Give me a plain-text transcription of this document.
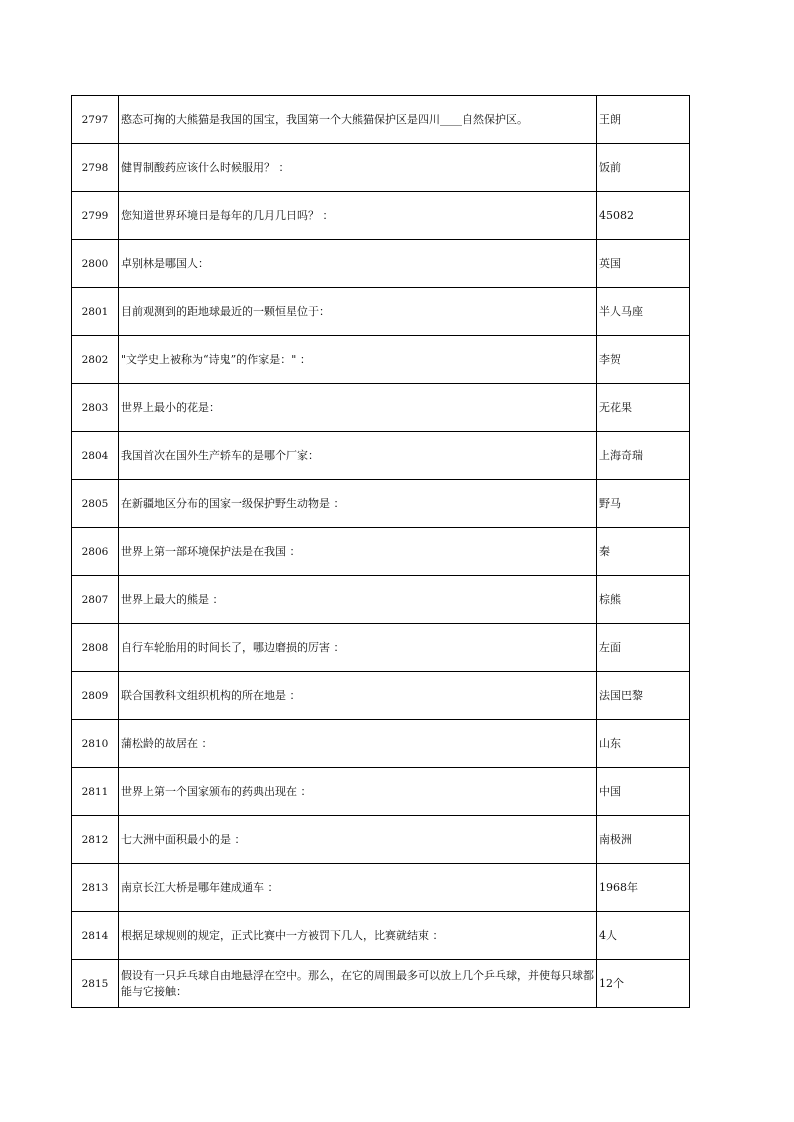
2797	憨态可掬的大熊猫是我国的国宝，我国第一个大熊猫保护区是四川____自然保护区。	王朗
2798	健胃制酸药应该什么时候服用？ ：	饭前
2799	您知道世界环境日是每年的几月几日吗？ ：	45082
2800	卓别林是哪国人：	英国
2801	目前观测到的距地球最近的一颗恒星位于：	半人马座
2802	"文学史上被称为“诗鬼”的作家是：" ：	李贺
2803	世界上最小的花是：	无花果
2804	我国首次在国外生产轿车的是哪个厂家：	上海奇瑞
2805	在新疆地区分布的国家一级保护野生动物是 ：	野马
2806	世界上第一部环境保护法是在我国 ：	秦
2807	世界上最大的熊是 ：	棕熊
2808	自行车轮胎用的时间长了，哪边磨损的厉害 ：	左面
2809	联合国教科文组织机构的所在地是 ：	法国巴黎
2810	蒲松龄的故居在 ：	山东
2811	世界上第一个国家颁布的药典出现在 ：	中国
2812	七大洲中面积最小的是 ：	南极洲
2813	南京长江大桥是哪年建成通车 ：	1968年
2814	根据足球规则的规定，正式比赛中一方被罚下几人，比赛就结束 ：	4人
2815	假设有一只乒乓球自由地悬浮在空中。那么，在它的周围最多可以放上几个乒乓球，并使每只球都能与它接触：	12个
